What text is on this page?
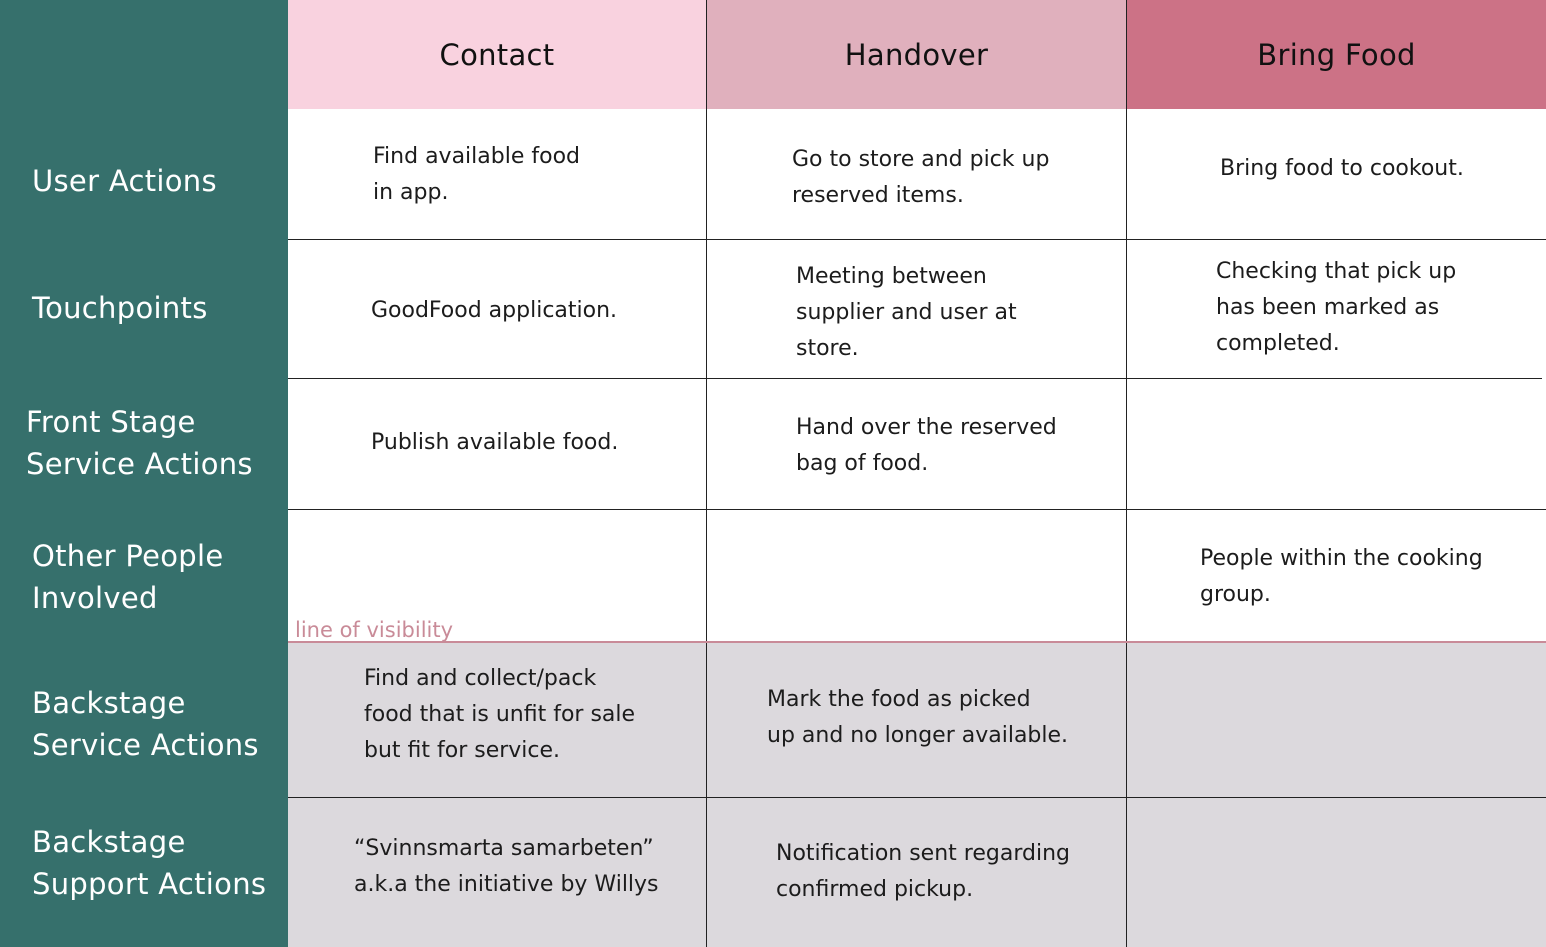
Contact	Handover	Bring Food
User Actions
Touchpoints
Front Stage
Service Actions
Other People
Involved
Backstage
Service Actions
Backstage
Support Actions
line of visibility
Find available food
in app.
Go to store and pick up
reserved items.
Bring food to cookout.
GoodFood application.
Meeting between
supplier and user at
store.
Checking that pick up
has been marked as
completed.
Publish available food.
Hand over the reserved
bag of food.
People within the cooking
group.
Find and collect/pack
food that is unfit for sale
but fit for service.
Mark the food as picked
up and no longer available.
“Svinnsmarta samarbeten”
a.k.a the initiative by Willys
Notification sent regarding
confirmed pickup.
